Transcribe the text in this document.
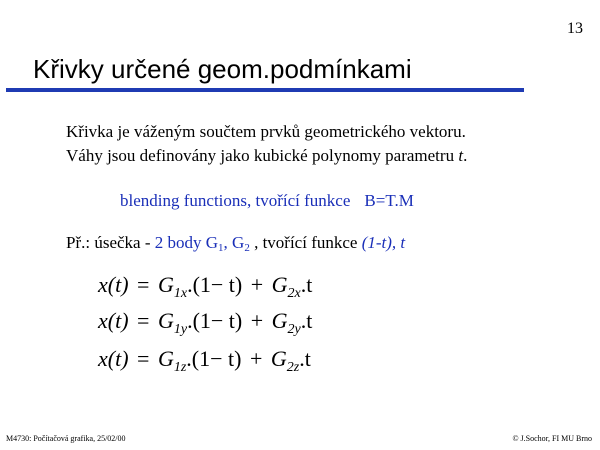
13
Křivky určené geom.podmínkami
Křivka je váženým součtem prvků geometrického vektoru.
Váhy jsou definovány jako kubické polynomy parametru t.
blending functions, tvořící funkce B=T.M
Př.: úsečka - 2 body $G_1$, $G_2$ , tvořící funkce (1-t), t
$x(t) = G_{1x}.(1- t) + G_{2x}.t$
$x(t) = G_{1y}.(1- t) + G_{2y}.t$
$x(t) = G_{1z}.(1- t) + G_{2z}.t$
M4730: Počítačová grafika, 25/02/00	© J.Sochor, FI MU Brno
